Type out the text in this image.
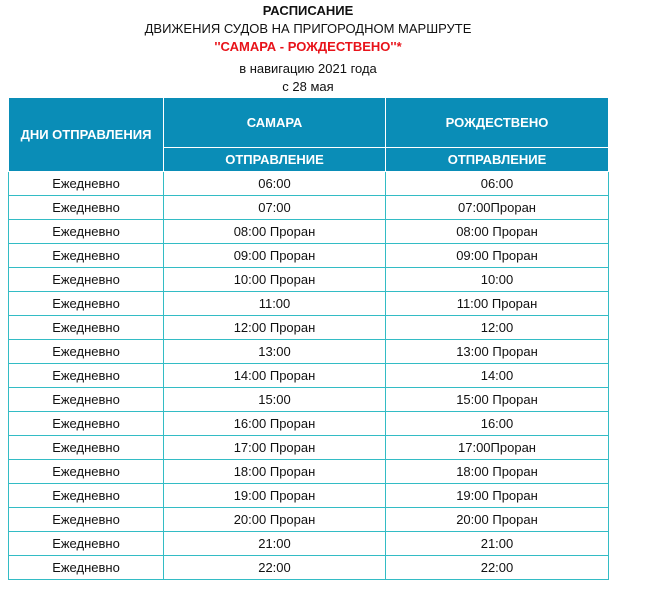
РАСПИСАНИЕ
ДВИЖЕНИЯ СУДОВ НА ПРИГОРОДНОМ МАРШРУТЕ
''САМАРА - РОЖДЕСТВЕНО''*
в навигацию 2021 года
с 28 мая
ДНИ ОТПРАВЛЕНИЯ	САМАРА	РОЖДЕСТВЕНО
	ОТПРАВЛЕНИЕ	ОТПРАВЛЕНИЕ
Ежедневно	06:00	06:00
Ежедневно	07:00	07:00Проран
Ежедневно	08:00 Проран	08:00 Проран
Ежедневно	09:00 Проран	09:00 Проран
Ежедневно	10:00 Проран	10:00
Ежедневно	11:00	11:00 Проран
Ежедневно	12:00 Проран	12:00
Ежедневно	13:00	13:00 Проран
Ежедневно	14:00 Проран	14:00
Ежедневно	15:00	15:00 Проран
Ежедневно	16:00 Проран	16:00
Ежедневно	17:00 Проран	17:00Проран
Ежедневно	18:00 Проран	18:00 Проран
Ежедневно	19:00 Проран	19:00 Проран
Ежедневно	20:00 Проран	20:00 Проран
Ежедневно	21:00	21:00
Ежедневно	22:00	22:00
